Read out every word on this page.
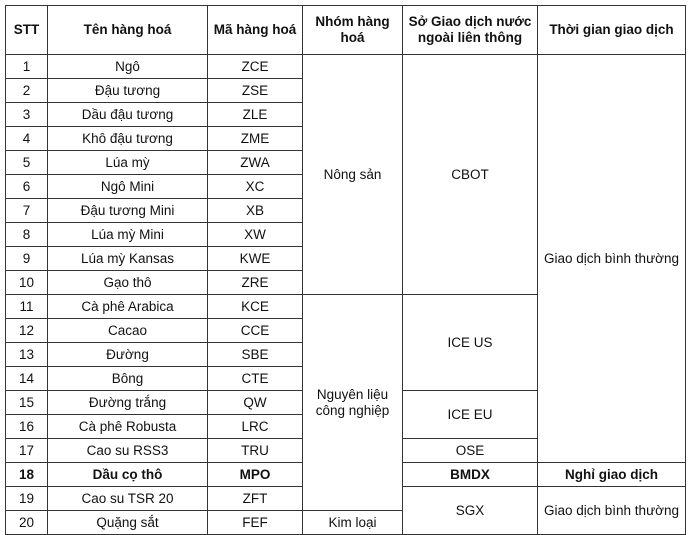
STT	Tên hàng hoá	Mã hàng hoá	Nhóm hàng hoá	Sở Giao dịch nước ngoài liên thông	Thời gian giao dịch
1	Ngô	ZCE	Nông sản	CBOT	Giao dịch bình thường
2	Đậu tương	ZSE			
3	Dầu đậu tương	ZLE			
4	Khô đậu tương	ZME			
5	Lúa mỳ	ZWA			
6	Ngô Mini	XC			
7	Đậu tương Mini	XB			
8	Lúa mỳ Mini	XW			
9	Lúa mỳ Kansas	KWE			
10	Gạo thô	ZRE			
11	Cà phê Arabica	KCE	Nguyên liệu công nghiệp	ICE US	
12	Cacao	CCE			
13	Đường	SBE			
14	Bông	CTE			
15	Đường trắng	QW		ICE EU	
16	Cà phê Robusta	LRC			
17	Cao su RSS3	TRU		OSE	
18	Dầu cọ thô	MPO		BMDX	Nghỉ giao dịch
19	Cao su TSR 20	ZFT		SGX	Giao dịch bình thường
20	Quặng sắt	FEF	Kim loại		
